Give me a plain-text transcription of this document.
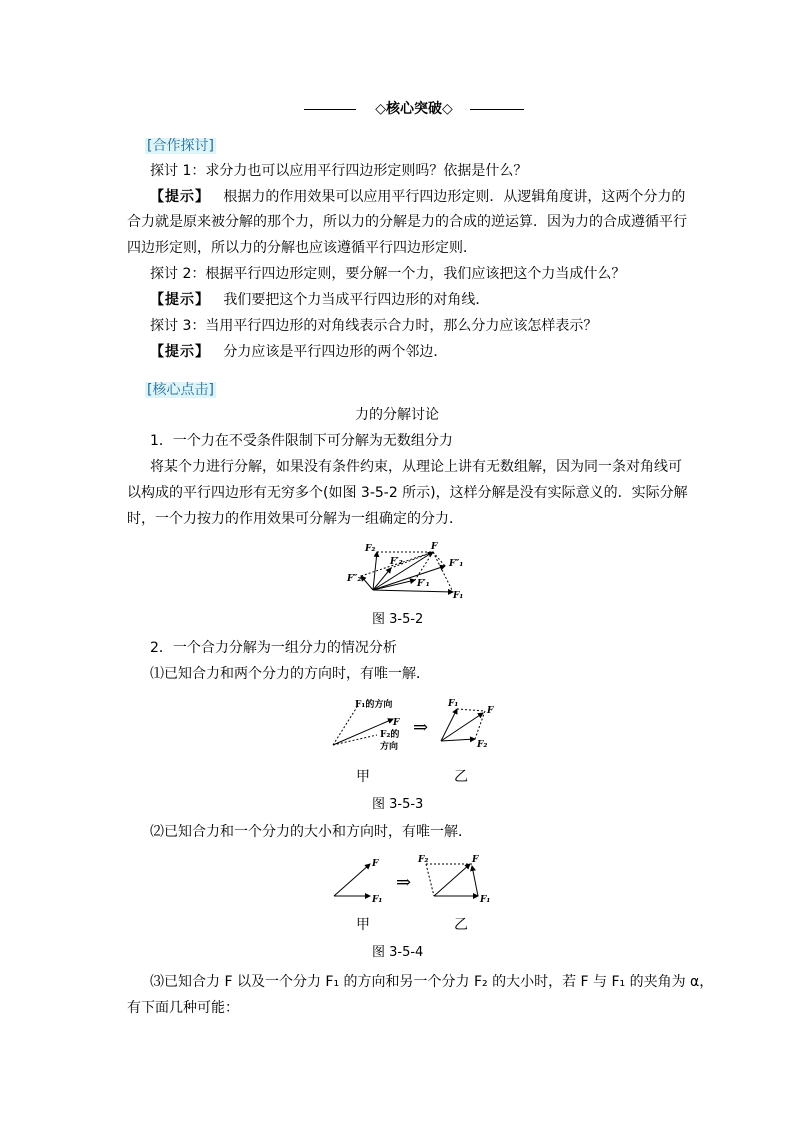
◇核心突破◇
[合作探讨]
探讨 1：求分力也可以应用平行四边形定则吗？依据是什么？
【提示】 根据力的作用效果可以应用平行四边形定则．从逻辑角度讲，这两个分力的
合力就是原来被分解的那个力，所以力的分解是力的合成的逆运算．因为力的合成遵循平行
四边形定则，所以力的分解也应该遵循平行四边形定则．
探讨 2：根据平行四边形定则，要分解一个力，我们应该把这个力当成什么？
【提示】 我们要把这个力当成平行四边形的对角线．
探讨 3：当用平行四边形的对角线表示合力时，那么分力应该怎样表示？
【提示】 分力应该是平行四边形的两个邻边．
[核心点击]
力的分解讨论
1．一个力在不受条件限制下可分解为无数组分力
将某个力进行分解，如果没有条件约束，从理论上讲有无数组解，因为同一条对角线可
以构成的平行四边形有无穷多个(如图 3-5-2 所示)，这样分解是没有实际意义的．实际分解
时，一个力按力的作用效果可分解为一组确定的分力．
F
F₁
F₂
F″₁
F′₁
F′₂
F″₂
图 3-5-2
2．一个合力分解为一组分力的情况分析
⑴已知合力和两个分力的方向时，有唯一解．
F₁的方向
F₂的
方向
F
F₁
F
F₂
⇒
甲	乙
图 3-5-3
⑵已知合力和一个分力的大小和方向时，有唯一解．
F
F₁
F₂	F
F₁
⇒
甲	乙
图 3-5-4
⑶已知合力 F 以及一个分力 F₁ 的方向和另一个分力 F₂ 的大小时，若 F 与 F₁ 的夹角为 α，
有下面几种可能：
